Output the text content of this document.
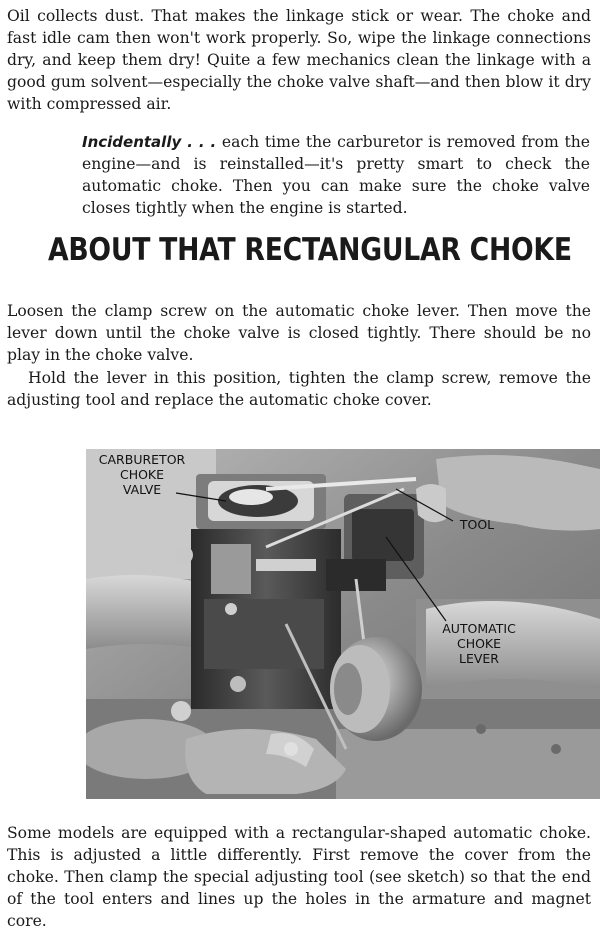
Oil collects dust. That makes the linkage stick or wear. The choke and fast idle cam then won't work properly. So, wipe the linkage connections dry, and keep them dry! Quite a few mechanics clean the linkage with a good gum solvent—especially the choke valve shaft—and then blow it dry with compressed air.

Incidentally . . . each time the carburetor is removed from the engine—and is reinstalled—it's pretty smart to check the automatic choke. Then you can make sure the choke valve closes tightly when the engine is started.

ABOUT THAT RECTANGULAR CHOKE

Loosen the clamp screw on the automatic choke lever. Then move the lever down until the choke valve is closed tightly. There should be no play in the choke valve.

Hold the lever in this position, tighten the clamp screw, remove the adjusting tool and replace the automatic choke cover.

CARBURETOR
CHOKE
VALVE
TOOL
AUTOMATIC
CHOKE
LEVER

Some models are equipped with a rectangular-shaped automatic choke. This is adjusted a little differently. First remove the cover from the choke. Then clamp the special adjusting tool (see sketch) so that the end of the tool enters and lines up the holes in the armature and magnet core.
